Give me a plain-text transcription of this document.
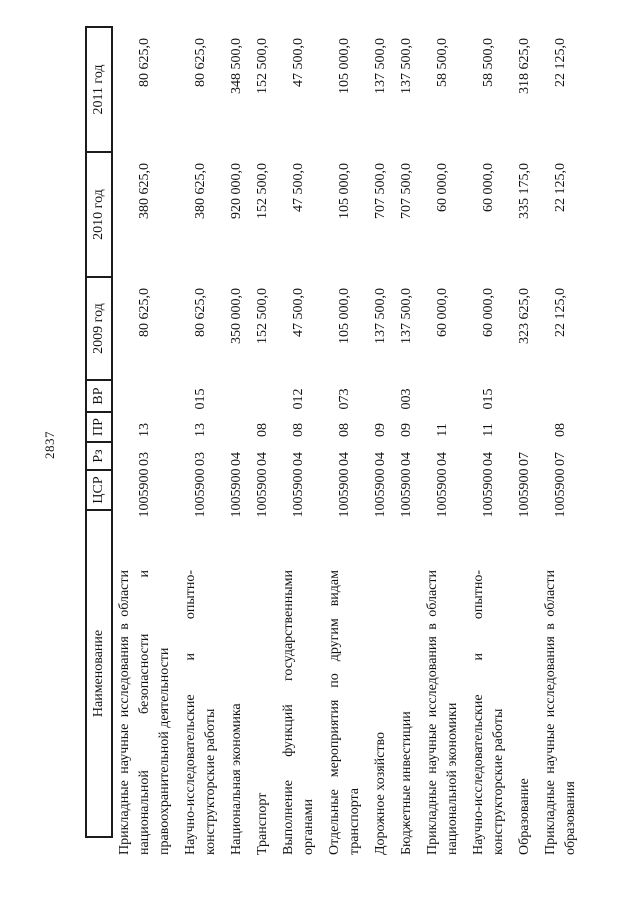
2837
Наименование
ЦСР
Рз
ПР
ВР
2009 год
2010 год
2011 год
Прикладные научные исследования в области национальной безопасности и правоохранительной деятельности
1005900
03
13
80 625,0
380 625,0
80 625,0
Научно-исследовательские и опытно-конструкторские работы
1005900
03
13
015
80 625,0
380 625,0
80 625,0
Национальная экономика
1005900
04
350 000,0
920 000,0
348 500,0
Транспорт
1005900
04
08
152 500,0
152 500,0
152 500,0
Выполнение функций государственными органами
1005900
04
08
012
47 500,0
47 500,0
47 500,0
Отдельные мероприятия по другим видам транспорта
1005900
04
08
073
105 000,0
105 000,0
105 000,0
Дорожное хозяйство
1005900
04
09
137 500,0
707 500,0
137 500,0
Бюджетные инвестиции
1005900
04
09
003
137 500,0
707 500,0
137 500,0
Прикладные научные исследования в области национальной экономики
1005900
04
11
60 000,0
60 000,0
58 500,0
Научно-исследовательские и опытно-конструкторские работы
1005900
04
11
015
60 000,0
60 000,0
58 500,0
Образование
1005900
07
323 625,0
335 175,0
318 625,0
Прикладные научные исследования в области образования
1005900
07
08
22 125,0
22 125,0
22 125,0
